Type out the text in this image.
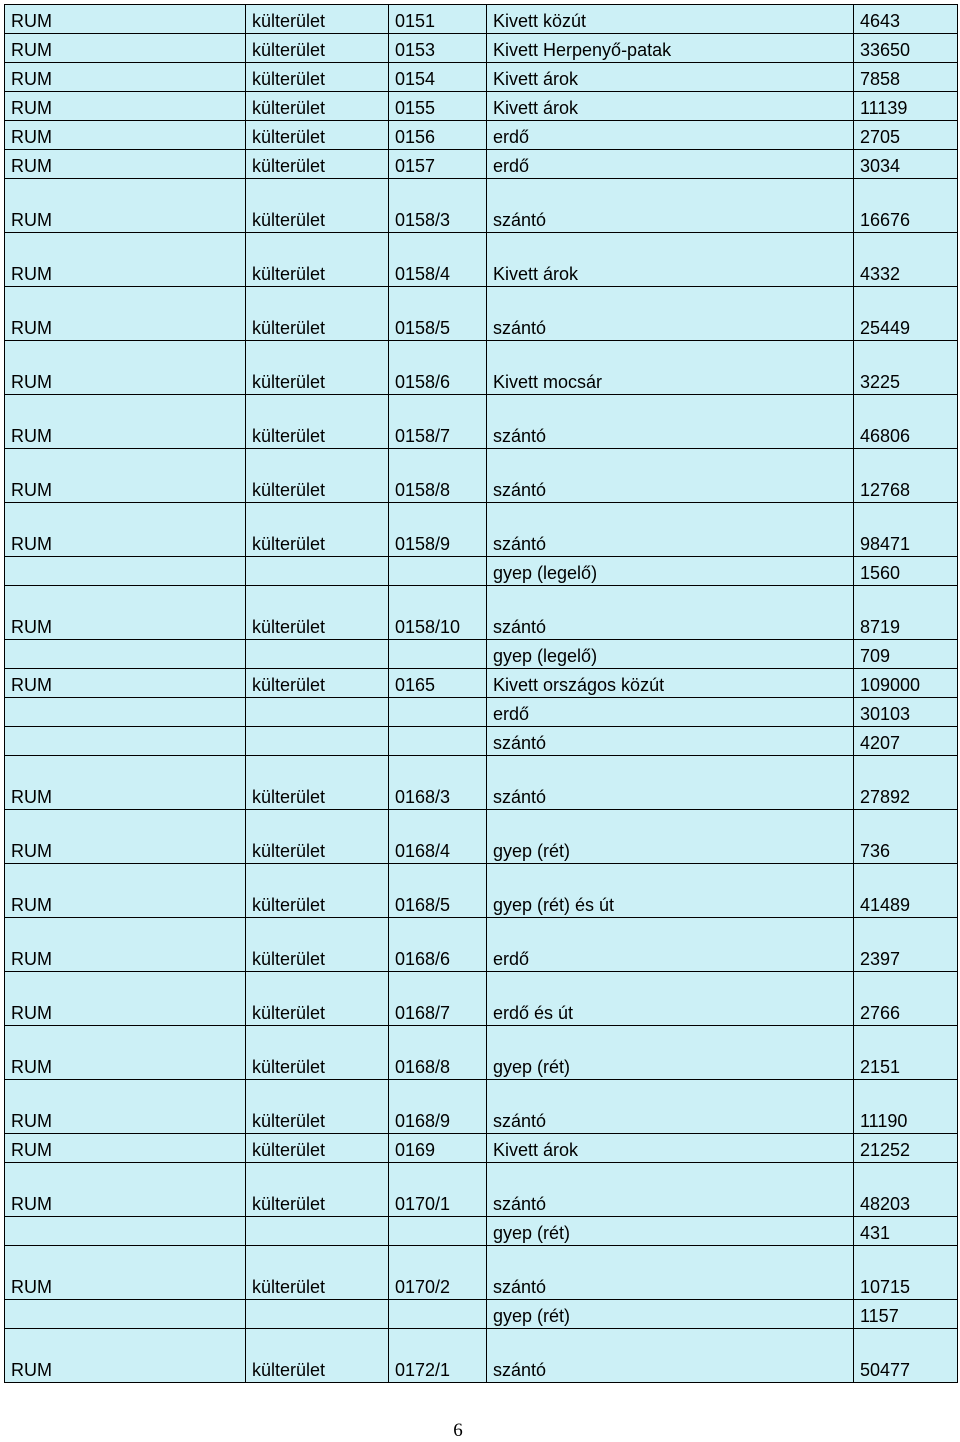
RUM	külterület	0151	Kivett közút	4643
RUM	külterület	0153	Kivett Herpenyő-patak	33650
RUM	külterület	0154	Kivett árok	7858
RUM	külterület	0155	Kivett árok	11139
RUM	külterület	0156	erdő	2705
RUM	külterület	0157	erdő	3034
RUM	külterület	0158/3	szántó	16676
RUM	külterület	0158/4	Kivett árok	4332
RUM	külterület	0158/5	szántó	25449
RUM	külterület	0158/6	Kivett mocsár	3225
RUM	külterület	0158/7	szántó	46806
RUM	külterület	0158/8	szántó	12768
RUM	külterület	0158/9	szántó	98471
			gyep (legelő)	1560
RUM	külterület	0158/10	szántó	8719
			gyep (legelő)	709
RUM	külterület	0165	Kivett országos közút	109000
			erdő	30103
			szántó	4207
RUM	külterület	0168/3	szántó	27892
RUM	külterület	0168/4	gyep (rét)	736
RUM	külterület	0168/5	gyep (rét) és út	41489
RUM	külterület	0168/6	erdő	2397
RUM	külterület	0168/7	erdő és út	2766
RUM	külterület	0168/8	gyep (rét)	2151
RUM	külterület	0168/9	szántó	11190
RUM	külterület	0169	Kivett árok	21252
RUM	külterület	0170/1	szántó	48203
			gyep (rét)	431
RUM	külterület	0170/2	szántó	10715
			gyep (rét)	1157
RUM	külterület	0172/1	szántó	50477
6
